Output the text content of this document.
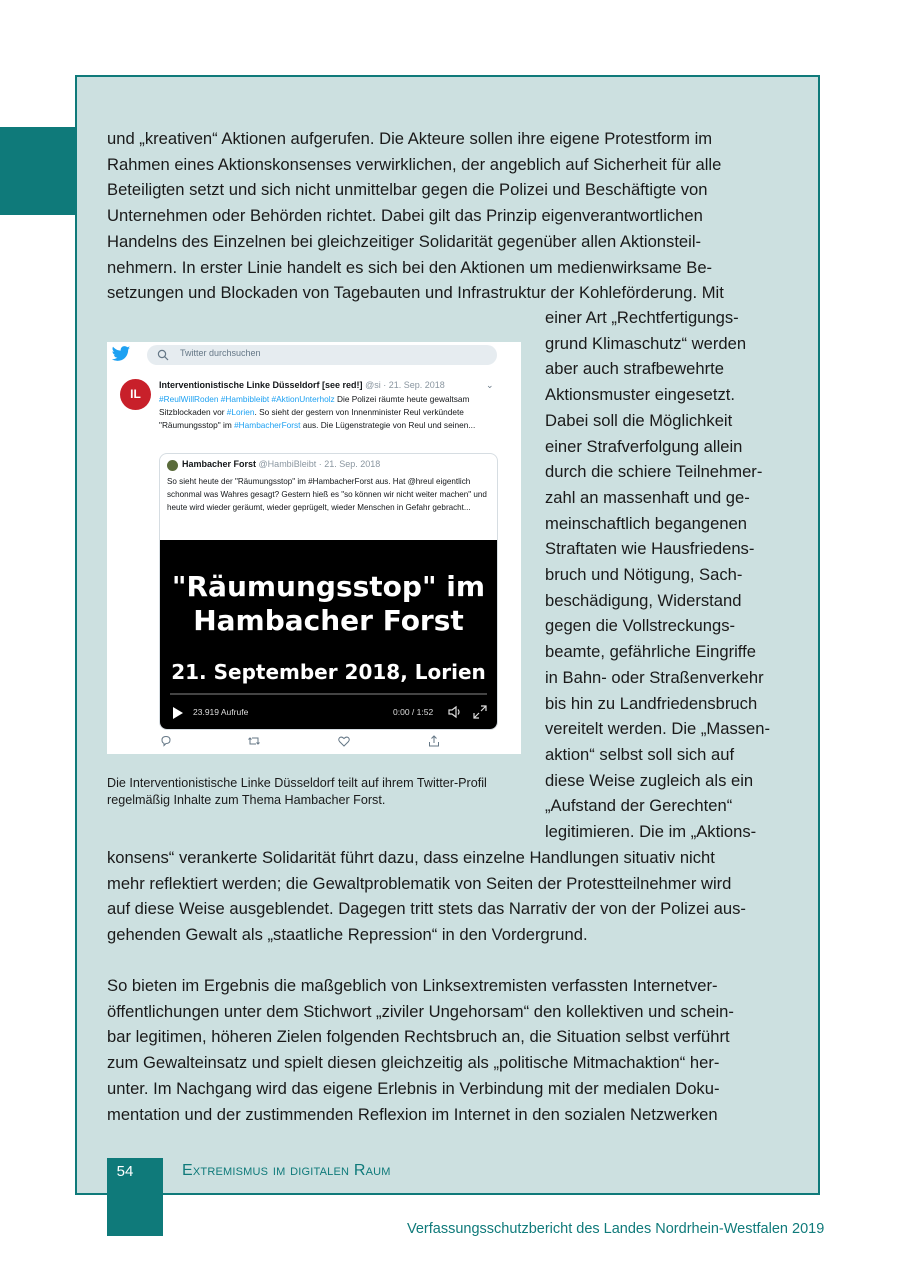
und „kreativen“ Aktionen aufgerufen. Die Akteure sollen ihre eigene Protestform im
Rahmen eines Aktionskonsenses verwirklichen, der angeblich auf Sicherheit für alle
Beteiligten setzt und sich nicht unmittelbar gegen die Polizei und Beschäftigte von
Unternehmen oder Behörden richtet. Dabei gilt das Prinzip eigenverantwortlichen
Handelns des Einzelnen bei gleichzeitiger Solidarität gegenüber allen Aktionsteil-
nehmern. In erster Linie handelt es sich bei den Aktionen um medienwirksame Be-
setzungen und Blockaden von Tagebauten und Infrastruktur der Kohleförderung. Mit
einer Art „Rechtfertigungs-
grund Klimaschutz“ werden
aber auch strafbewehrte
Aktionsmuster eingesetzt.
Dabei soll die Möglichkeit
einer Strafverfolgung allein
durch die schiere Teilnehmer-
zahl an massenhaft und ge-
meinschaftlich begangenen
Straftaten wie Hausfriedens-
bruch und Nötigung, Sach-
beschädigung, Widerstand
gegen die Vollstreckungs-
beamte, gefährliche Eingriffe
in Bahn- oder Straßenverkehr
bis hin zu Landfriedensbruch
vereitelt werden. Die „Massen-
aktion“ selbst soll sich auf
diese Weise zugleich als ein
„Aufstand der Gerechten“
legitimieren. Die im „Aktions-
Twitter durchsuchen
IL
Interventionistische Linke Düsseldorf [see red!] @si · 21. Sep. 2018	⌄
#ReulWillRoden #Hambibleibt #AktionUnterholz Die Polizei räumte heute gewaltsam Sitzblockaden vor #Lorien. So sieht der gestern von Innenminister Reul verkündete "Räumungsstop" im #HambacherForst aus. Die Lügenstrategie von Reul und seinen...
Hambacher Forst @HambiBleibt · 21. Sep. 2018
So sieht heute der "Räumungsstop" im #HambacherForst aus. Hat @hreul eigentlich schonmal was Wahres gesagt? Gestern hieß es "so können wir nicht weiter machen" und heute wird wieder geräumt, wieder geprügelt, wieder Menschen in Gefahr gebracht...
"Räumungsstop" im
Hambacher Forst
21. September 2018, Lorien
23.919 Aufrufe	0:00 / 1:52
Die Interventionistische Linke Düsseldorf teilt auf ihrem Twitter-Profil
regelmäßig Inhalte zum Thema Hambacher Forst.
konsens“ verankerte Solidarität führt dazu, dass einzelne Handlungen situativ nicht
mehr reflektiert werden; die Gewaltproblematik von Seiten der Protestteilnehmer wird
auf diese Weise ausgeblendet. Dagegen tritt stets das Narrativ der von der Polizei aus-
gehenden Gewalt als „staatliche Repression“ in den Vordergrund.
So bieten im Ergebnis die maßgeblich von Linksextremisten verfassten Internetver-
öffentlichungen unter dem Stichwort „ziviler Ungehorsam“ den kollektiven und schein-
bar legitimen, höheren Zielen folgenden Rechtsbruch an, die Situation selbst verführt
zum Gewalteinsatz und spielt diesen gleichzeitig als „politische Mitmachaktion“ her-
unter. Im Nachgang wird das eigene Erlebnis in Verbindung mit der medialen Doku-
mentation und der zustimmenden Reflexion im Internet in den sozialen Netzwerken
54	Extremismus im digitalen Raum
Verfassungsschutzbericht des Landes Nordrhein-Westfalen 2019
